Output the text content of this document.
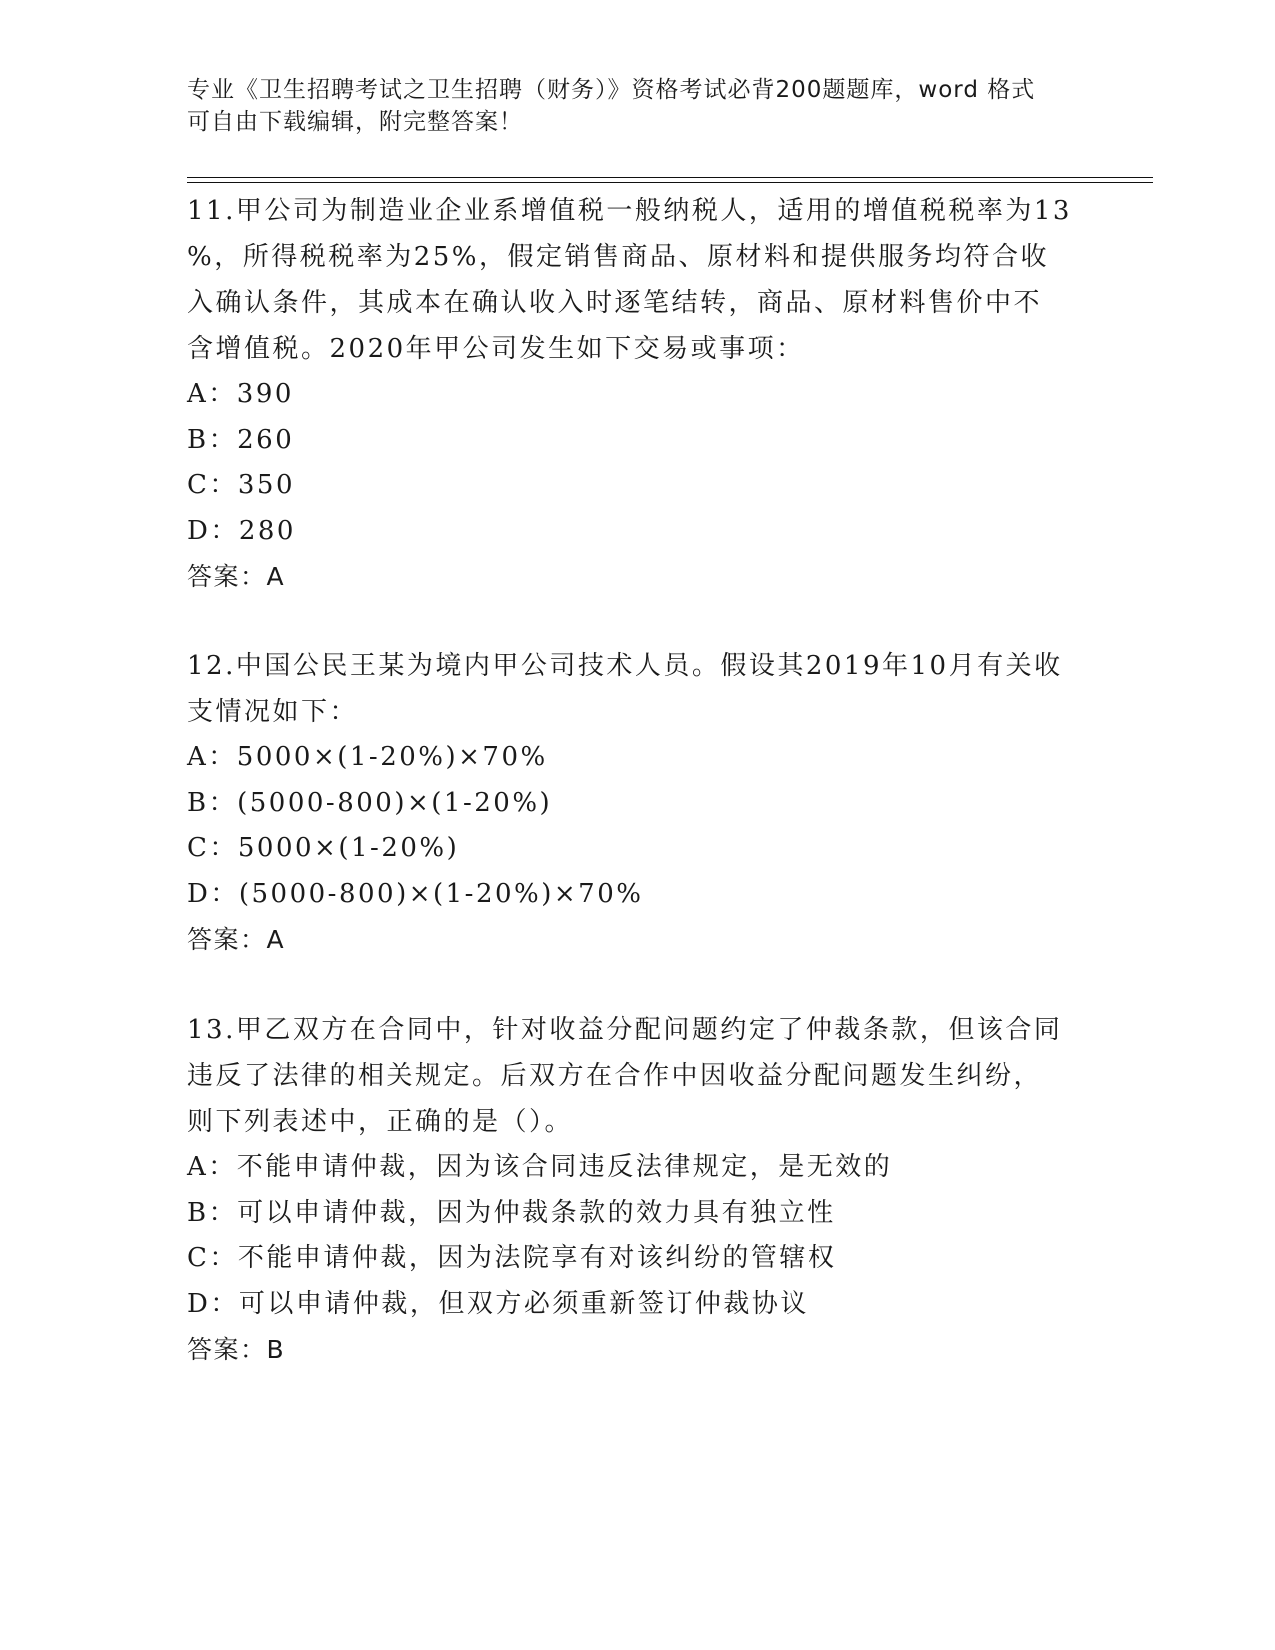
专业《卫生招聘考试之卫生招聘（财务）》资格考试必背200题题库，word 格式
可自由下载编辑，附完整答案！

11.甲公司为制造业企业系增值税一般纳税人，适用的增值税税率为13

%，所得税税率为25%，假定销售商品、原材料和提供服务均符合收

入确认条件，其成本在确认收入时逐笔结转，商品、原材料售价中不

含增值税。2020年甲公司发生如下交易或事项：

A：390

B：260

C：350

D：280

答案：A

12.中国公民王某为境内甲公司技术人员。假设其2019年10月有关收

支情况如下：

A：5000×(1-20%)×70%

B：(5000-800)×(1-20%)

C：5000×(1-20%)

D：(5000-800)×(1-20%)×70%

答案：A

13.甲乙双方在合同中，针对收益分配问题约定了仲裁条款，但该合同

违反了法律的相关规定。后双方在合作中因收益分配问题发生纠纷，

则下列表述中，正确的是（）。

A：不能申请仲裁，因为该合同违反法律规定，是无效的

B：可以申请仲裁，因为仲裁条款的效力具有独立性

C：不能申请仲裁，因为法院享有对该纠纷的管辖权

D：可以申请仲裁，但双方必须重新签订仲裁协议

答案：B
